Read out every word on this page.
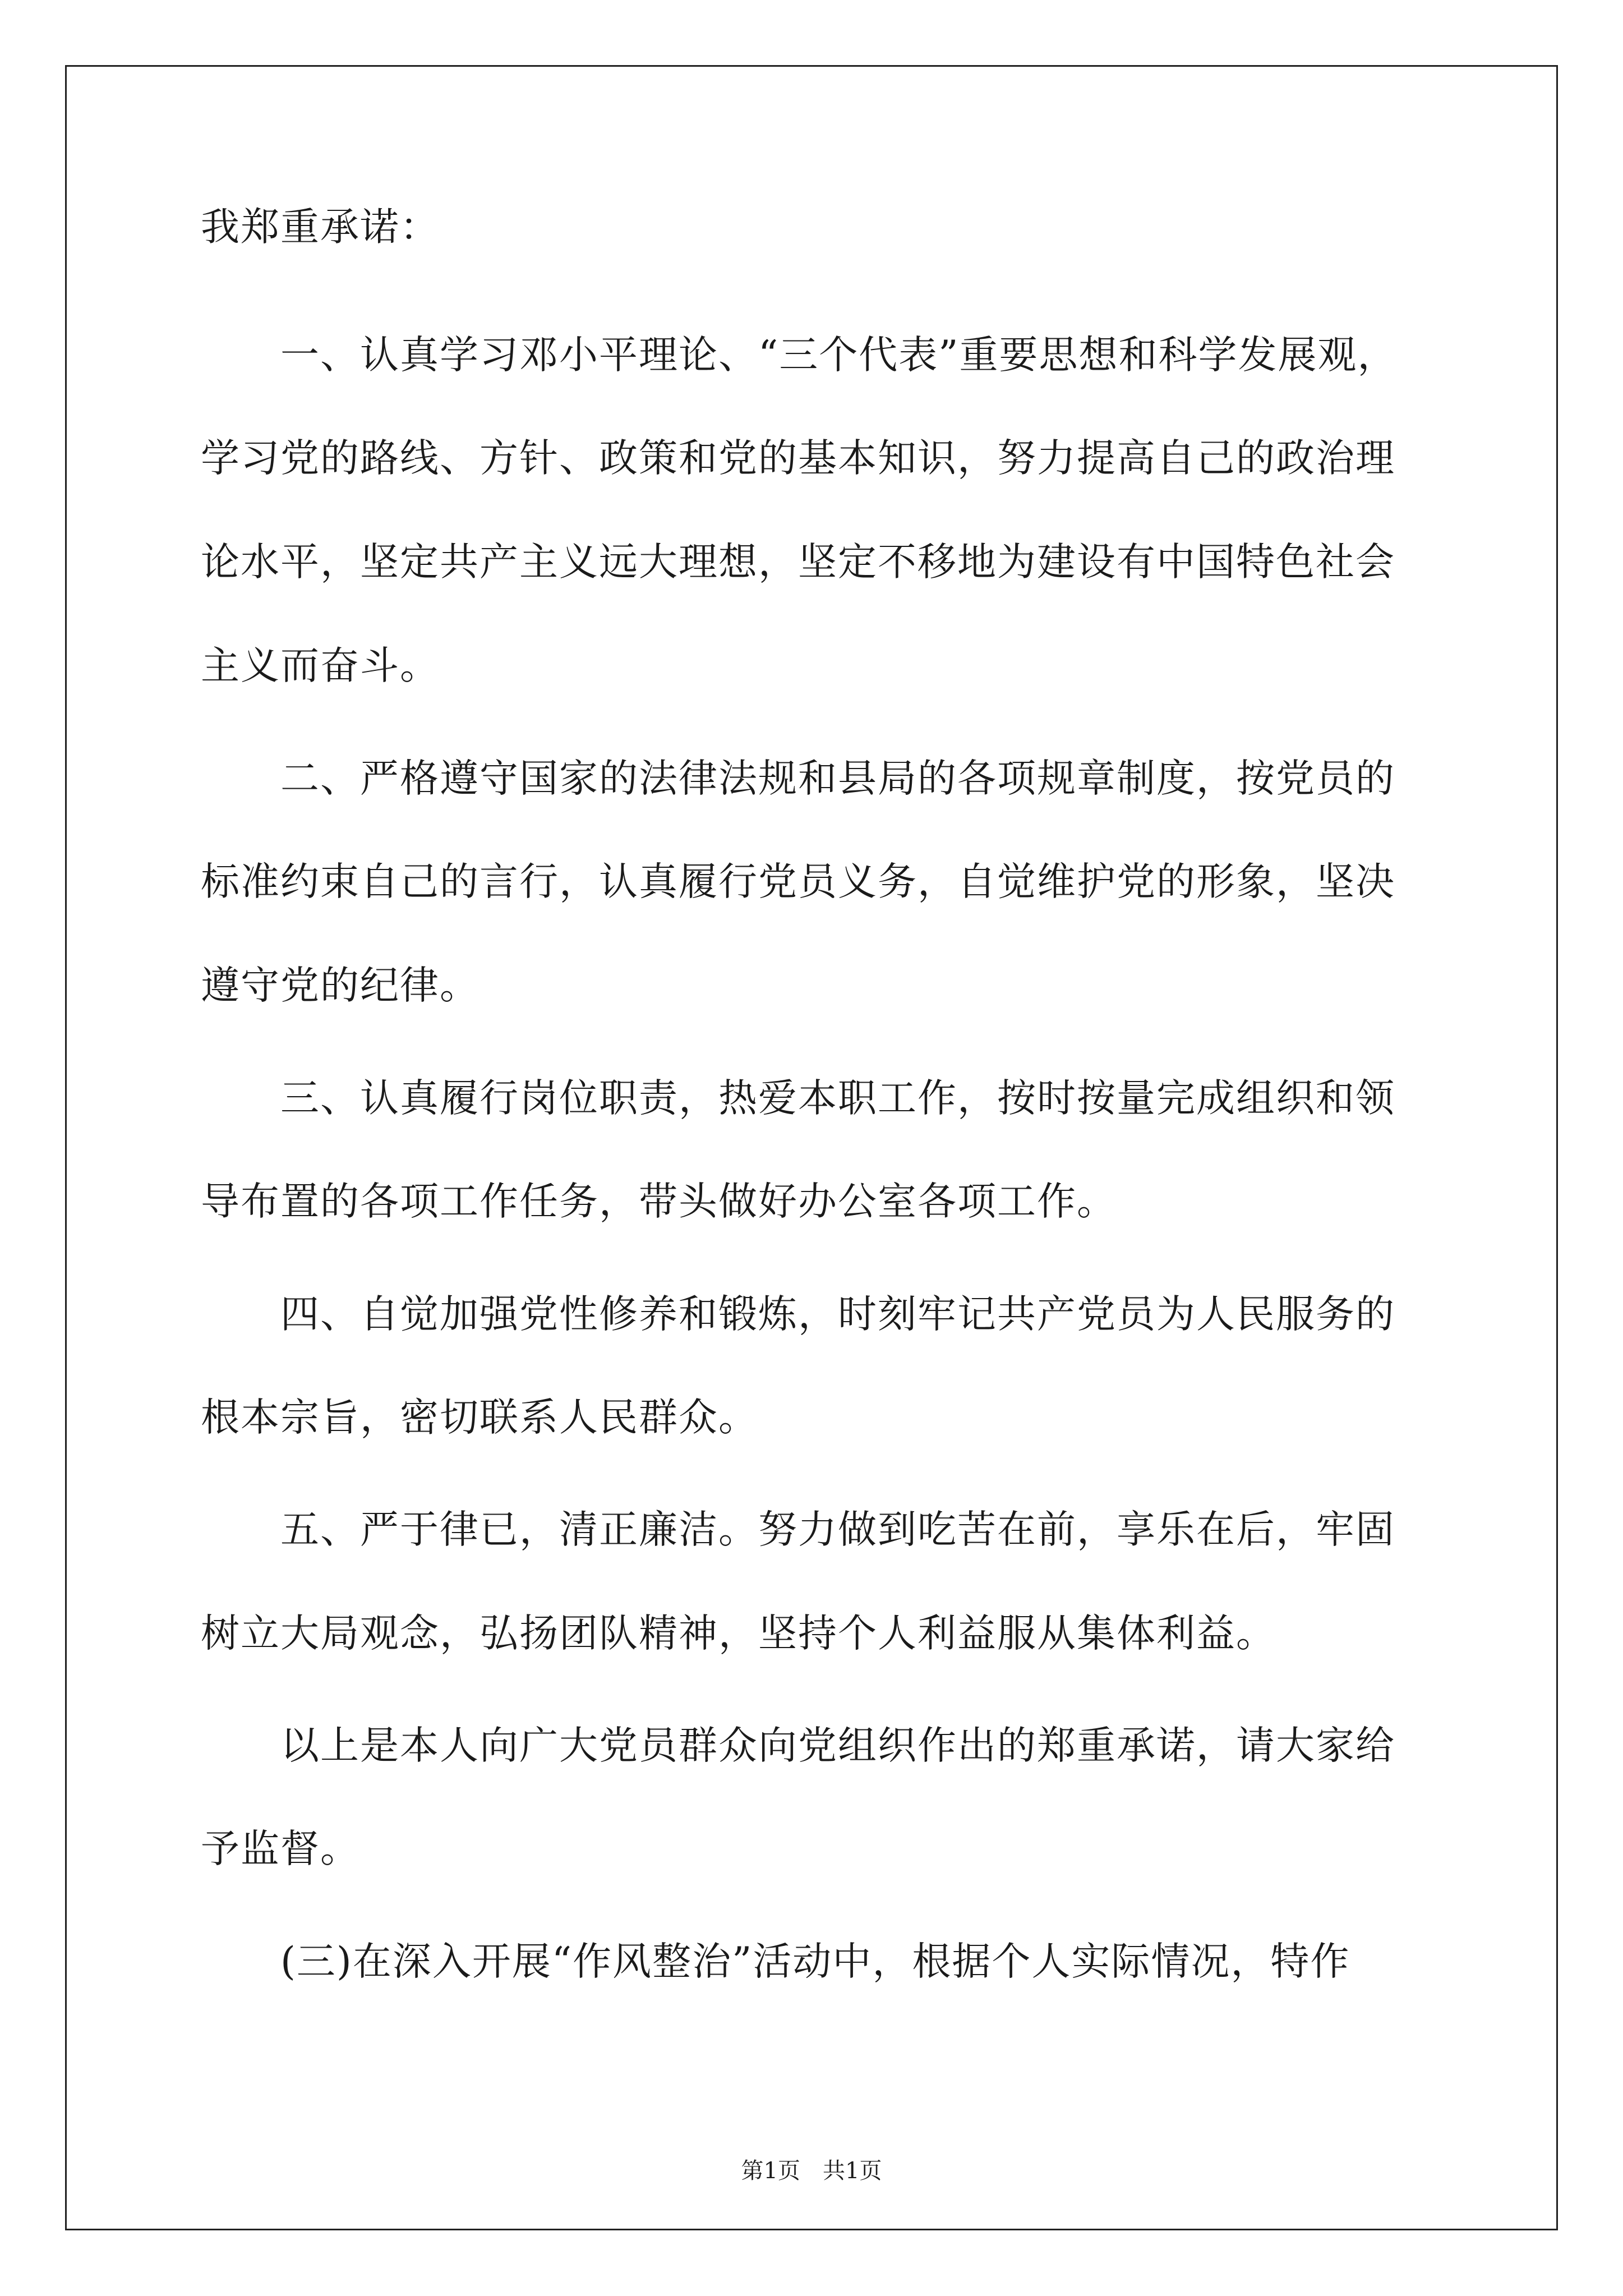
我郑重承诺：
一、认真学习邓小平理论、“三个代表”重要思想和科学发展观，
学习党的路线、方针、政策和党的基本知识，努力提高自己的政治理
论水平，坚定共产主义远大理想，坚定不移地为建设有中国特色社会
主义而奋斗。
二、严格遵守国家的法律法规和县局的各项规章制度，按党员的
标准约束自己的言行，认真履行党员义务，自觉维护党的形象，坚决
遵守党的纪律。
三、认真履行岗位职责，热爱本职工作，按时按量完成组织和领
导布置的各项工作任务，带头做好办公室各项工作。
四、自觉加强党性修养和锻炼，时刻牢记共产党员为人民服务的
根本宗旨，密切联系人民群众。
五、严于律已，清正廉洁。努力做到吃苦在前，享乐在后，牢固
树立大局观念，弘扬团队精神，坚持个人利益服从集体利益。
以上是本人向广大党员群众向党组织作出的郑重承诺，请大家给
予监督。
(三)在深入开展“作风整治”活动中，根据个人实际情况，特作
第1页　共1页
